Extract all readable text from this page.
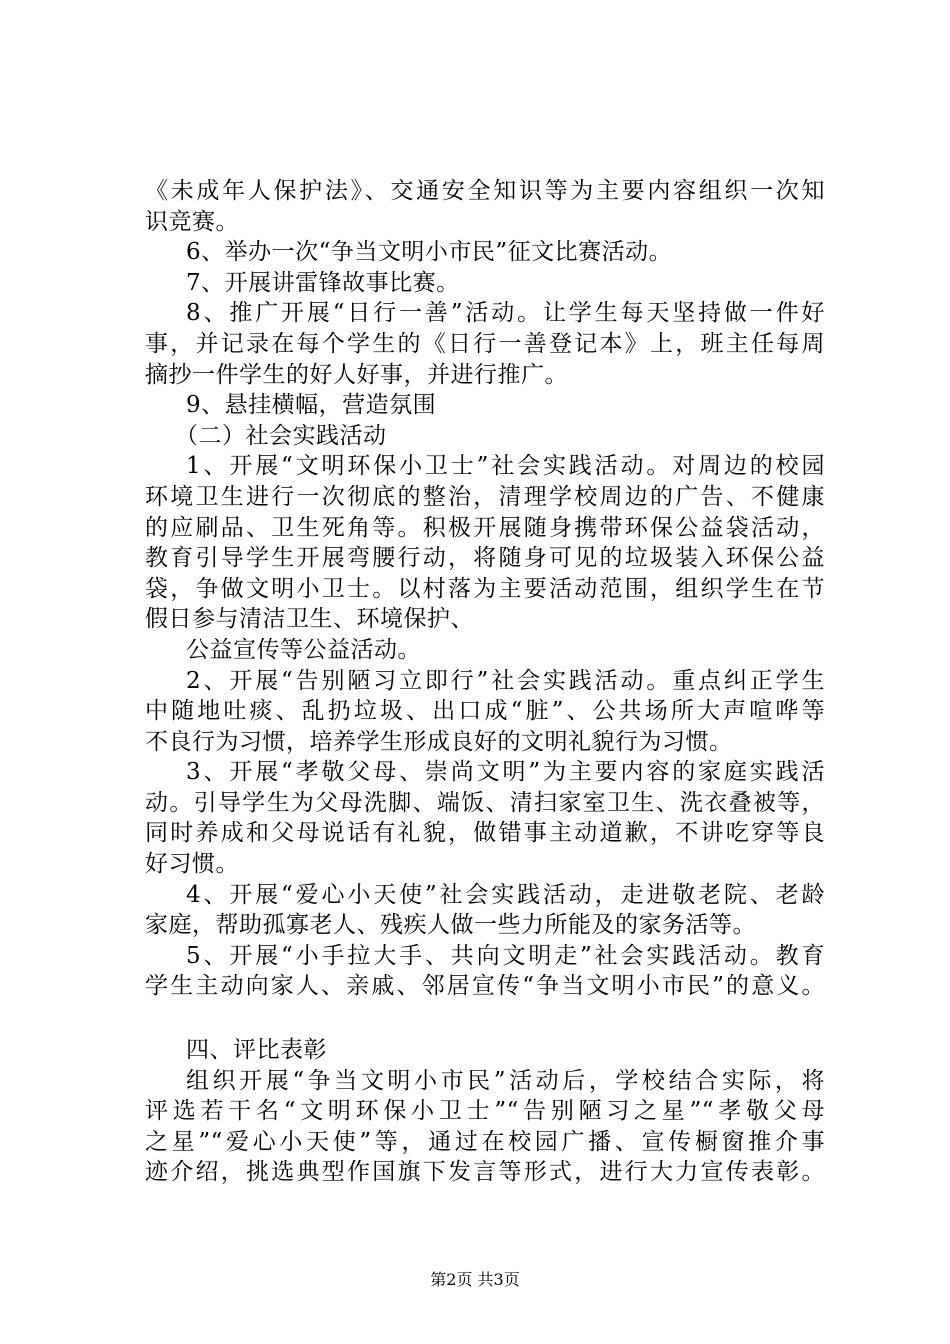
《未成年人保护法》、交通安全知识等为主要内容组织一次知
识竞赛。
6、举办一次“争当文明小市民”征文比赛活动。
7、开展讲雷锋故事比赛。
8、推广开展“日行一善”活动。让学生每天坚持做一件好
事，并记录在每个学生的《日行一善登记本》上，班主任每周
摘抄一件学生的好人好事，并进行推广。
9、悬挂横幅，营造氛围
（二）社会实践活动
1、开展“文明环保小卫士”社会实践活动。对周边的校园
环境卫生进行一次彻底的整治，清理学校周边的广告、不健康
的应刷品、卫生死角等。积极开展随身携带环保公益袋活动，
教育引导学生开展弯腰行动，将随身可见的垃圾装入环保公益
袋，争做文明小卫士。以村落为主要活动范围，组织学生在节
假日参与清洁卫生、环境保护、
公益宣传等公益活动。
2、开展“告别陋习立即行”社会实践活动。重点纠正学生
中随地吐痰、乱扔垃圾、出口成“脏”、公共场所大声喧哗等
不良行为习惯，培养学生形成良好的文明礼貌行为习惯。
3、开展“孝敬父母、崇尚文明”为主要内容的家庭实践活
动。引导学生为父母洗脚、端饭、清扫家室卫生、洗衣叠被等，
同时养成和父母说话有礼貌，做错事主动道歉，不讲吃穿等良
好习惯。
4、开展“爱心小天使”社会实践活动，走进敬老院、老龄
家庭，帮助孤寡老人、残疾人做一些力所能及的家务活等。
5、开展“小手拉大手、共向文明走”社会实践活动。教育
学生主动向家人、亲戚、邻居宣传“争当文明小市民”的意义。
四、评比表彰
组织开展“争当文明小市民”活动后，学校结合实际，将
评选若干名“文明环保小卫士”“告别陋习之星”“孝敬父母
之星”“爱心小天使”等，通过在校园广播、宣传橱窗推介事
迹介绍，挑选典型作国旗下发言等形式，进行大力宣传表彰。
第2页 共3页
